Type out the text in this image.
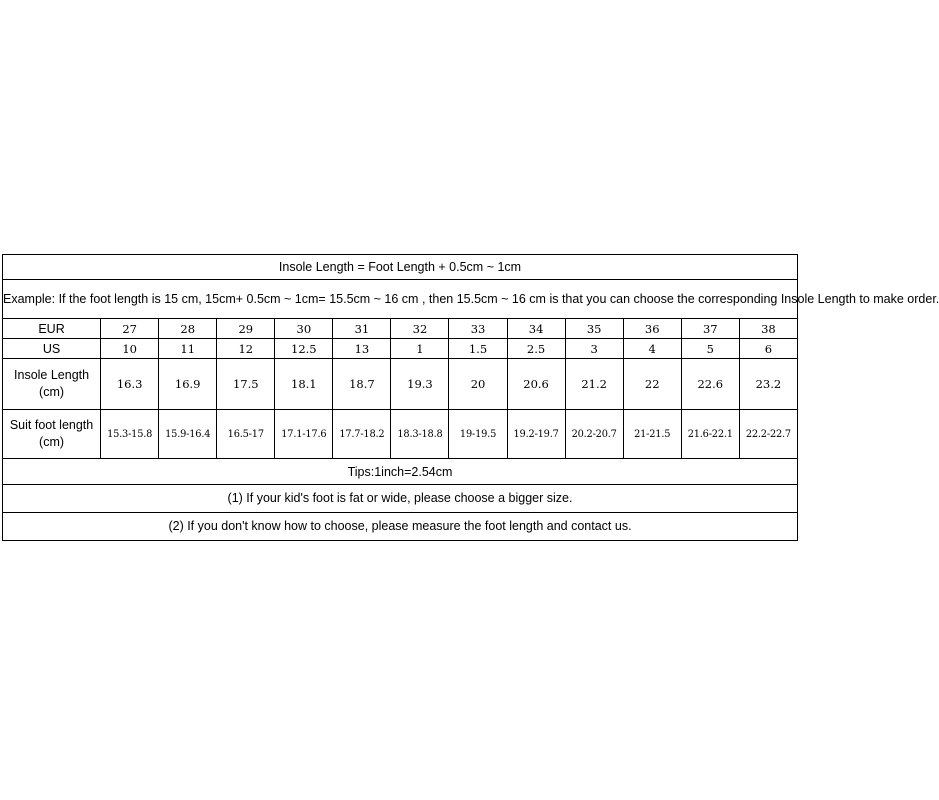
Insole Length = Foot Length + 0.5cm ~ 1cm												
Example: If the foot length is 15 cm, 15cm+ 0.5cm ~ 1cm= 15.5cm ~ 16 cm , then 15.5cm ~ 16 cm is that you can choose the corresponding Insole Length to make order.												
EUR	27	28	29	30	31	32	33	34	35	36	37	38
US	10	11	12	12.5	13	1	1.5	2.5	3	4	5	6
Insole Length
(cm)	16.3	16.9	17.5	18.1	18.7	19.3	20	20.6	21.2	22	22.6	23.2
Suit foot length
(cm)	15.3-15.8	15.9-16.4	16.5-17	17.1-17.6	17.7-18.2	18.3-18.8	19-19.5	19.2-19.7	20.2-20.7	21-21.5	21.6-22.1	22.2-22.7
Tips:1inch=2.54cm												
(1) If your kid's foot is fat or wide, please choose a bigger size.												
(2) If you don't know how to choose, please measure the foot length and contact us.												
